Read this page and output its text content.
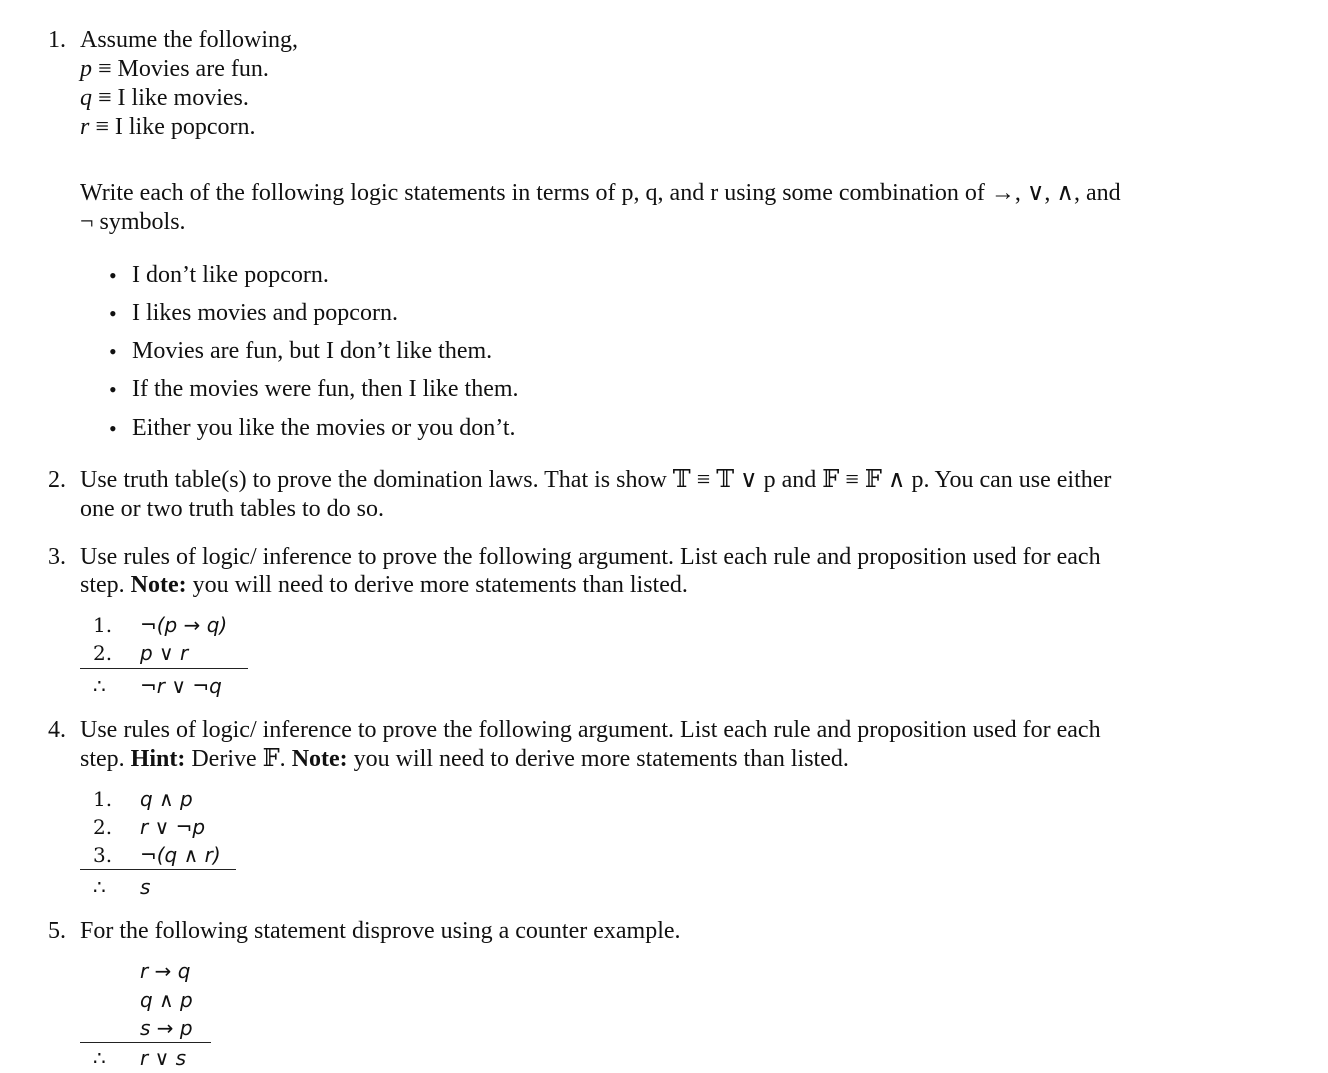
1. Assume the following,
p ≡ Movies are fun.
q ≡ I like movies.
r ≡ I like popcorn.
Write each of the following logic statements in terms of p, q, and r using some combination of →, ∨, ∧, and
¬ symbols.
• I don’t like popcorn.
• I likes movies and popcorn.
• Movies are fun, but I don’t like them.
• If the movies were fun, then I like them.
• Either you like the movies or you don’t.
2. Use truth table(s) to prove the domination laws. That is show 𝕋 ≡ 𝕋 ∨ p and 𝔽 ≡ 𝔽 ∧ p. You can use either
one or two truth tables to do so.
3. Use rules of logic/ inference to prove the following argument. List each rule and proposition used for each
step. Note: you will need to derive more statements than listed.
1. ¬(p → q)
2. p ∨ r
∴ ¬r ∨ ¬q
4. Use rules of logic/ inference to prove the following argument. List each rule and proposition used for each
step. Hint: Derive 𝔽. Note: you will need to derive more statements than listed.
1. q ∧ p
2. r ∨ ¬p
3. ¬(q ∧ r)
∴ s
5. For the following statement disprove using a counter example.
r → q
q ∧ p
s → p
∴ r ∨ s
